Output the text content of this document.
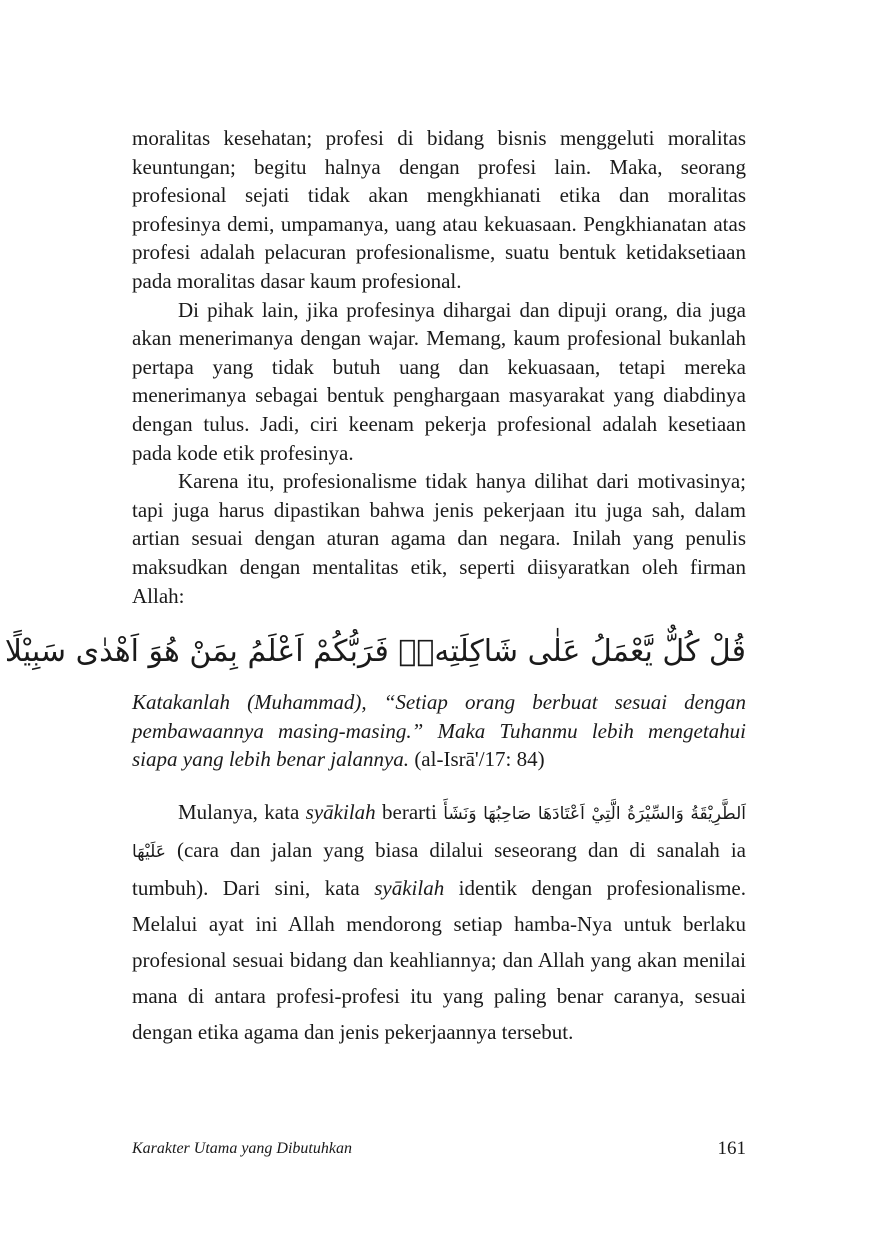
moralitas kesehatan; profesi di bidang bisnis menggeluti moralitas keuntungan; begitu halnya dengan profesi lain. Maka, seorang profesional sejati tidak akan mengkhianati etika dan moralitas profesinya demi, umpamanya, uang atau kekuasaan. Pengkhianatan atas profesi adalah pelacuran profesionalisme, suatu bentuk ketidaksetiaan pada moralitas dasar kaum profesional.

Di pihak lain, jika profesinya dihargai dan dipuji orang, dia juga akan menerimanya dengan wajar. Memang, kaum profesional bukanlah pertapa yang tidak butuh uang dan kekuasaan, tetapi mereka menerimanya sebagai bentuk penghargaan masyarakat yang diabdinya dengan tulus. Jadi, ciri keenam pekerja profesional adalah kesetiaan pada kode etik profesinya.

Karena itu, profesionalisme tidak hanya dilihat dari motivasinya; tapi juga harus dipastikan bahwa jenis pekerjaan itu juga sah, dalam artian sesuai dengan aturan agama dan negara. Inilah yang penulis maksudkan dengan mentalitas etik, seperti diisyaratkan oleh firman Allah:

قُلْ كُلٌّ يَّعْمَلُ عَلٰى شَاكِلَتِهٖۗ فَرَبُّكُمْ اَعْلَمُ بِمَنْ هُوَ اَهْدٰى سَبِيْلًا

Katakanlah (Muhammad), “Setiap orang berbuat sesuai dengan pembawaannya masing-masing.” Maka Tuhanmu lebih mengetahui siapa yang lebih benar jalannya. (al-Isrā'/17: 84)

Mulanya, kata syākilah berarti اَلطَّرِيْقَةُ وَالسِّيْرَةُ الَّتِيْ اَعْتَادَهَا صَاحِبُهَا وَنَشَأَ عَلَيْهَا (cara dan jalan yang biasa dilalui seseorang dan di sanalah ia tumbuh). Dari sini, kata syākilah identik dengan profesionalisme. Melalui ayat ini Allah mendorong setiap hamba-Nya untuk berlaku profesional sesuai bidang dan keahliannya; dan Allah yang akan menilai mana di antara profesi-profesi itu yang paling benar caranya, sesuai dengan etika agama dan jenis pekerjaannya tersebut.

Karakter Utama yang Dibutuhkan	161
